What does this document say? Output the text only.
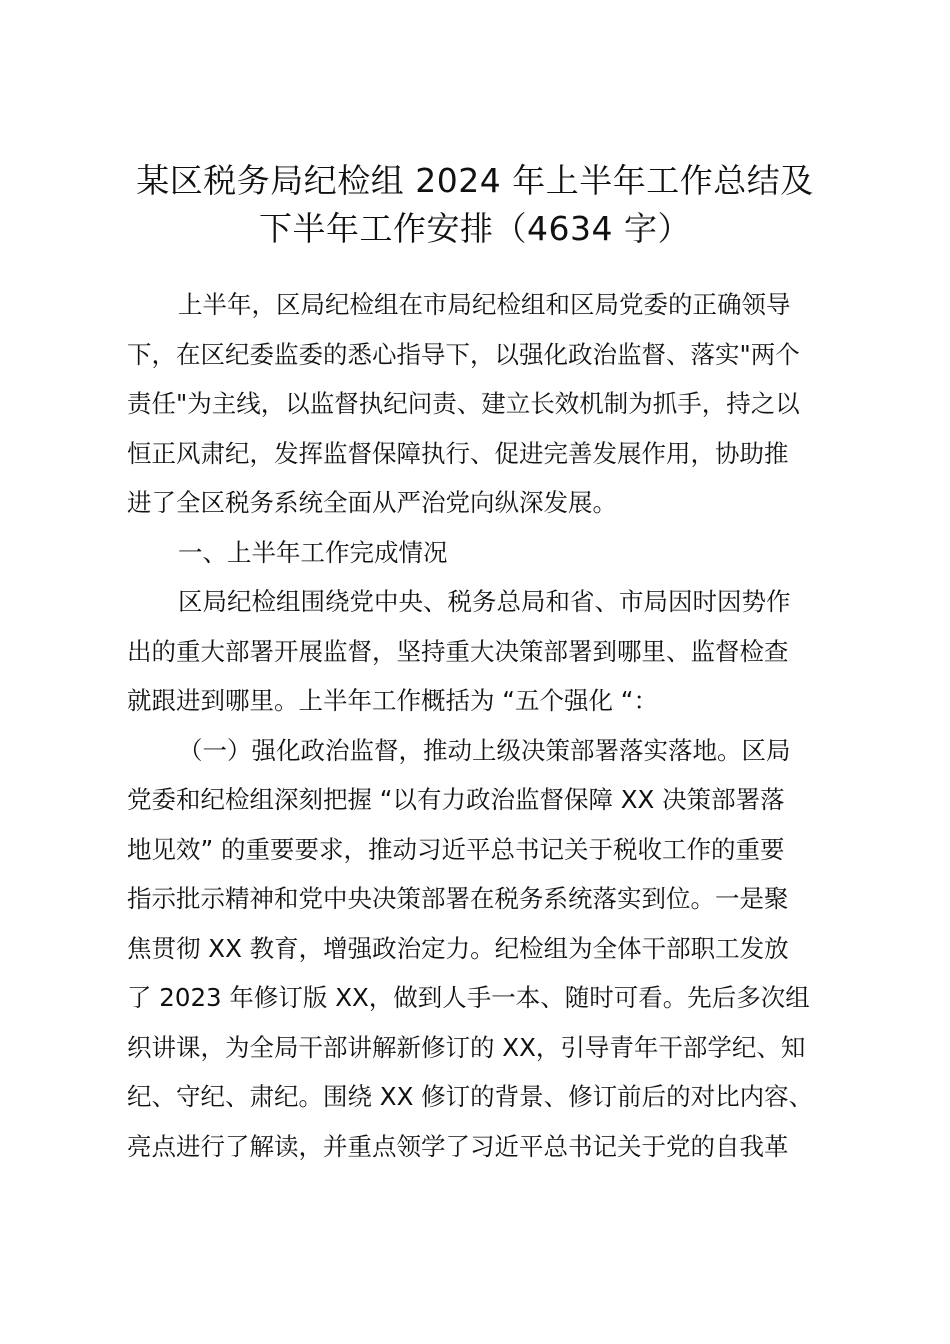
某区税务局纪检组 2024 年上半年工作总结及
下半年工作安排（4634 字）
上半年，区局纪检组在市局纪检组和区局党委的正确领导
下，在区纪委监委的悉心指导下，以强化政治监督、落实"两个
责任"为主线，以监督执纪问责、建立长效机制为抓手，持之以
恒正风肃纪，发挥监督保障执行、促进完善发展作用，协助推
进了全区税务系统全面从严治党向纵深发展。
一、上半年工作完成情况
区局纪检组围绕党中央、税务总局和省、市局因时因势作
出的重大部署开展监督，坚持重大决策部署到哪里、监督检查
就跟进到哪里。上半年工作概括为 “五个强化 “：
（一）强化政治监督，推动上级决策部署落实落地。区局
党委和纪检组深刻把握 “以有力政治监督保障 XX 决策部署落
地见效” 的重要要求，推动习近平总书记关于税收工作的重要
指示批示精神和党中央决策部署在税务系统落实到位。一是聚
焦贯彻 XX 教育，增强政治定力。纪检组为全体干部职工发放
了 2023 年修订版 XX，做到人手一本、随时可看。先后多次组
织讲课，为全局干部讲解新修订的 XX，引导青年干部学纪、知
纪、守纪、肃纪。围绕 XX 修订的背景、修订前后的对比内容、
亮点进行了解读，并重点领学了习近平总书记关于党的自我革
